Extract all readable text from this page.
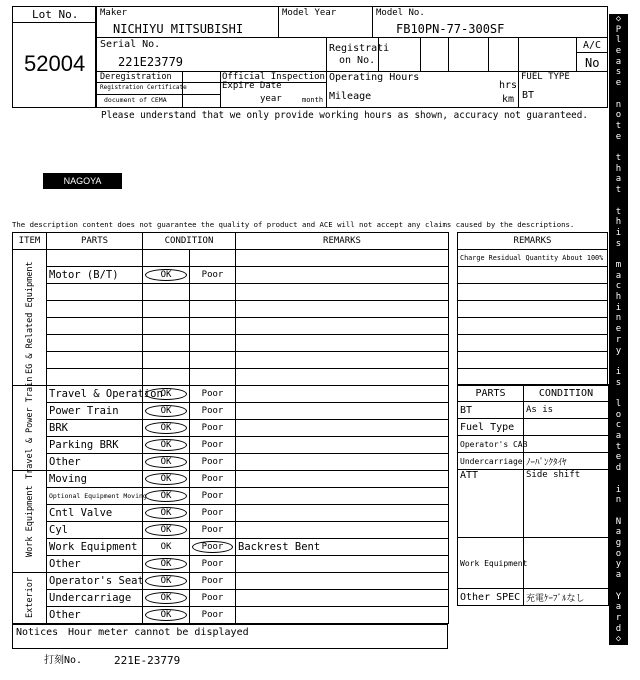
Lot No.
52004
Maker
NICHIYU MITSUBISHI
Model Year	Model No.
FB10PN-77-300SF
Serial No.
221E23779
Registrati
on No.
A/C
No
Deregistration
Registration Certificate
document of CEMA
Official Inspection
Expire Date
year	month
Operating Hours
hrs
Mileage	km
FUEL TYPE
BT
Please understand that we only provide working hours as shown, accuracy not guaranteed.
NAGOYA
The description content does not guarantee the quality of product and ACE will not accept any claims caused by the descriptions.
ITEM	PARTS	CONDITION		REMARKS

EG & Related Equipment				

	Motor (B/T)	OK	Poor	

Travel & Power Train	Travel & Operation	OK	Poor	
	Power Train	OK	Poor	
	BRK	OK	Poor	
	Parking BRK	OK	Poor	
	Other	OK	Poor	

Work Equipment	Moving	OK	Poor	
	Optional Equipment Moving	OK	Poor	
	Cntl Valve	OK	Poor	
	Cyl	OK	Poor	
	Work Equipment	OK	Poor	Backrest Bent
	Other	OK	Poor	

Exterior	Operator's Seat	OK	Poor	
	Undercarriage	OK	Poor	
	Other	OK	Poor	
REMARKS
Charge Residual Quantity About 100%

PARTS	CONDITION
BT	As is
Fuel Type	
Operator's CAB	
Undercarriage	ﾉｰﾊﾟﾝｸﾀｲﾔ
ATT	Side shift
Work Equipment	
Other SPEC	充電ｹｰﾌﾞﾙなし
Notices Hour meter cannot be displayed
打刻No.	221E-23779
◇
P
l
e
a
s
e
n
o
t
e
t
h
a
t
t
h
i
s
m
a
c
h
i
n
e
r
y
i
s
l
o
c
a
t
e
d
i
n
N
a
g
o
y
a
Y
a
r
d
◇
